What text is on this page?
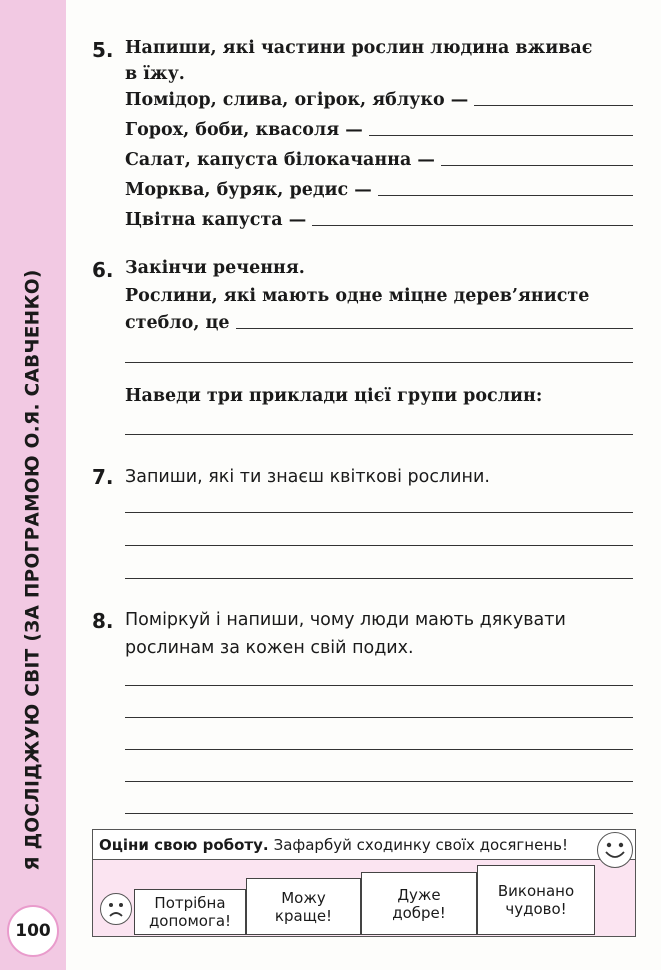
Я ДОСЛІДЖУЮ СВІТ (ЗА ПРОГРАМОЮ О.Я. САВЧЕНКО)
100
5. Напиши, які частини рослин людина вживає
в їжу.
Помідор, слива, огірок, яблуко —
Горох, боби, квасоля —
Салат, капуста білокачанна —
Морква, буряк, редис —
Цвітна капуста —
6. Закінчи речення.
Рослини, які мають одне міцне дерев’янисте
стебло, це
Наведи три приклади цієї групи рослин:
7. Запиши, які ти знаєш квіткові рослини.
8. Поміркуй і напиши, чому люди мають дякувати
рослинам за кожен свій подих.
Оціни свою роботу. Зафарбуй сходинку своїх досягнень!
Потрібна
допомога!
Можу
краще!
Дуже
добре!
Виконано
чудово!
